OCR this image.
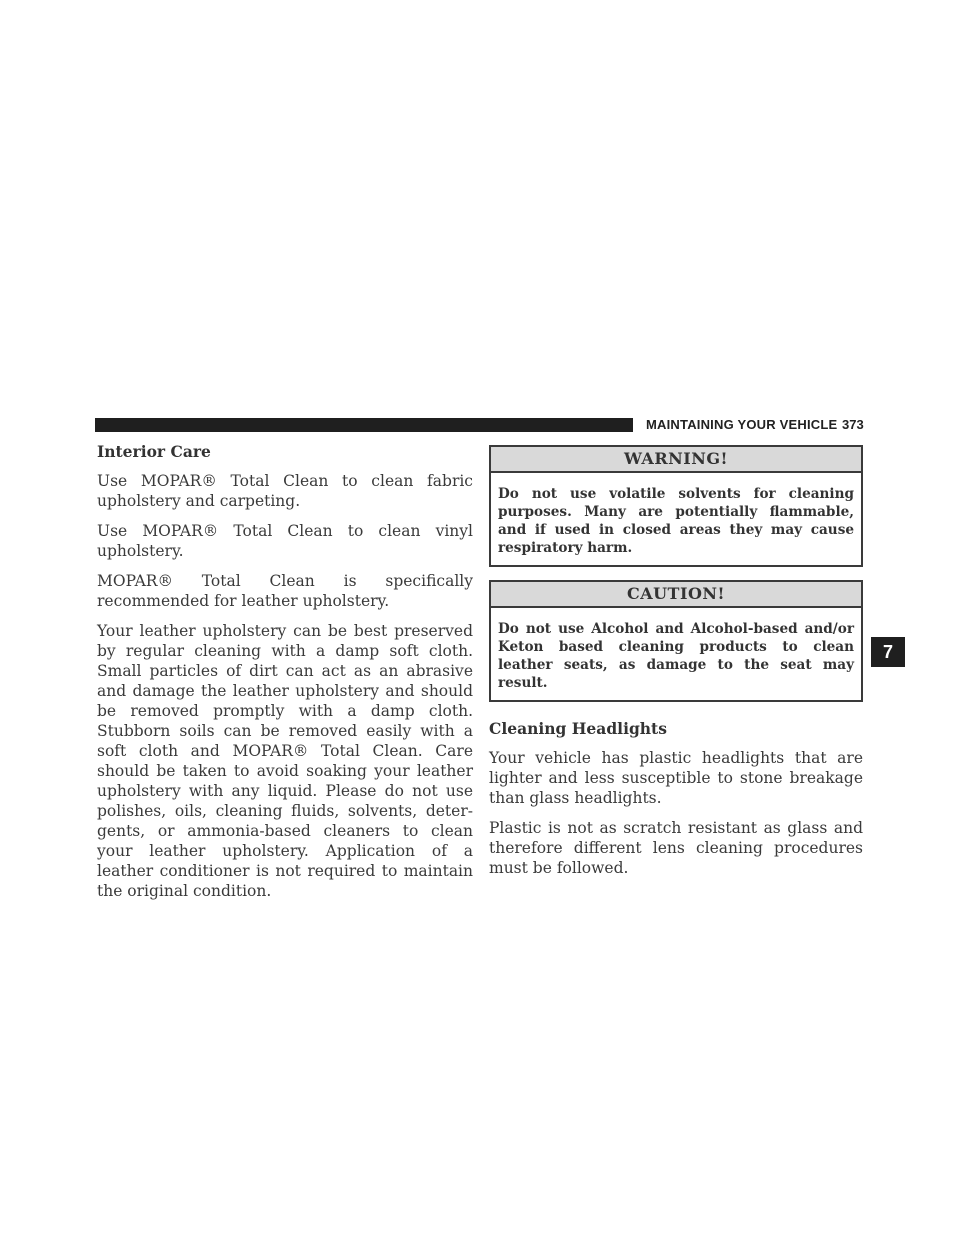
MAINTAINING YOUR VEHICLE 373
Interior Care

Use MOPAR® Total Clean to clean fabric upholstery and carpeting.

Use MOPAR® Total Clean to clean vinyl upholstery.

MOPAR® Total Clean is specifically recommended for leather upholstery.

Your leather upholstery can be best preserved by regular cleaning with a damp soft cloth. Small particles of dirt can act as an abrasive and damage the leather upholstery and should be removed promptly with a damp cloth. Stubborn soils can be removed easily with a soft cloth and MOPAR® Total Clean. Care should be taken to avoid soaking your leather upholstery with any liquid. Please do not use polishes, oils, cleaning fluids, solvents, detergents, or ammonia-based cleaners to clean your leather upholstery. Application of a leather conditioner is not required to maintain the original condition.

WARNING!
Do not use volatile solvents for cleaning purposes. Many are potentially flammable, and if used in closed areas they may cause respiratory harm.
CAUTION!
Do not use Alcohol and Alcohol-based and/or Keton based cleaning products to clean leather seats, as damage to the seat may result.
Cleaning Headlights

Your vehicle has plastic headlights that are lighter and less susceptible to stone breakage than glass headlights.

Plastic is not as scratch resistant as glass and therefore different lens cleaning procedures must be followed.

7
